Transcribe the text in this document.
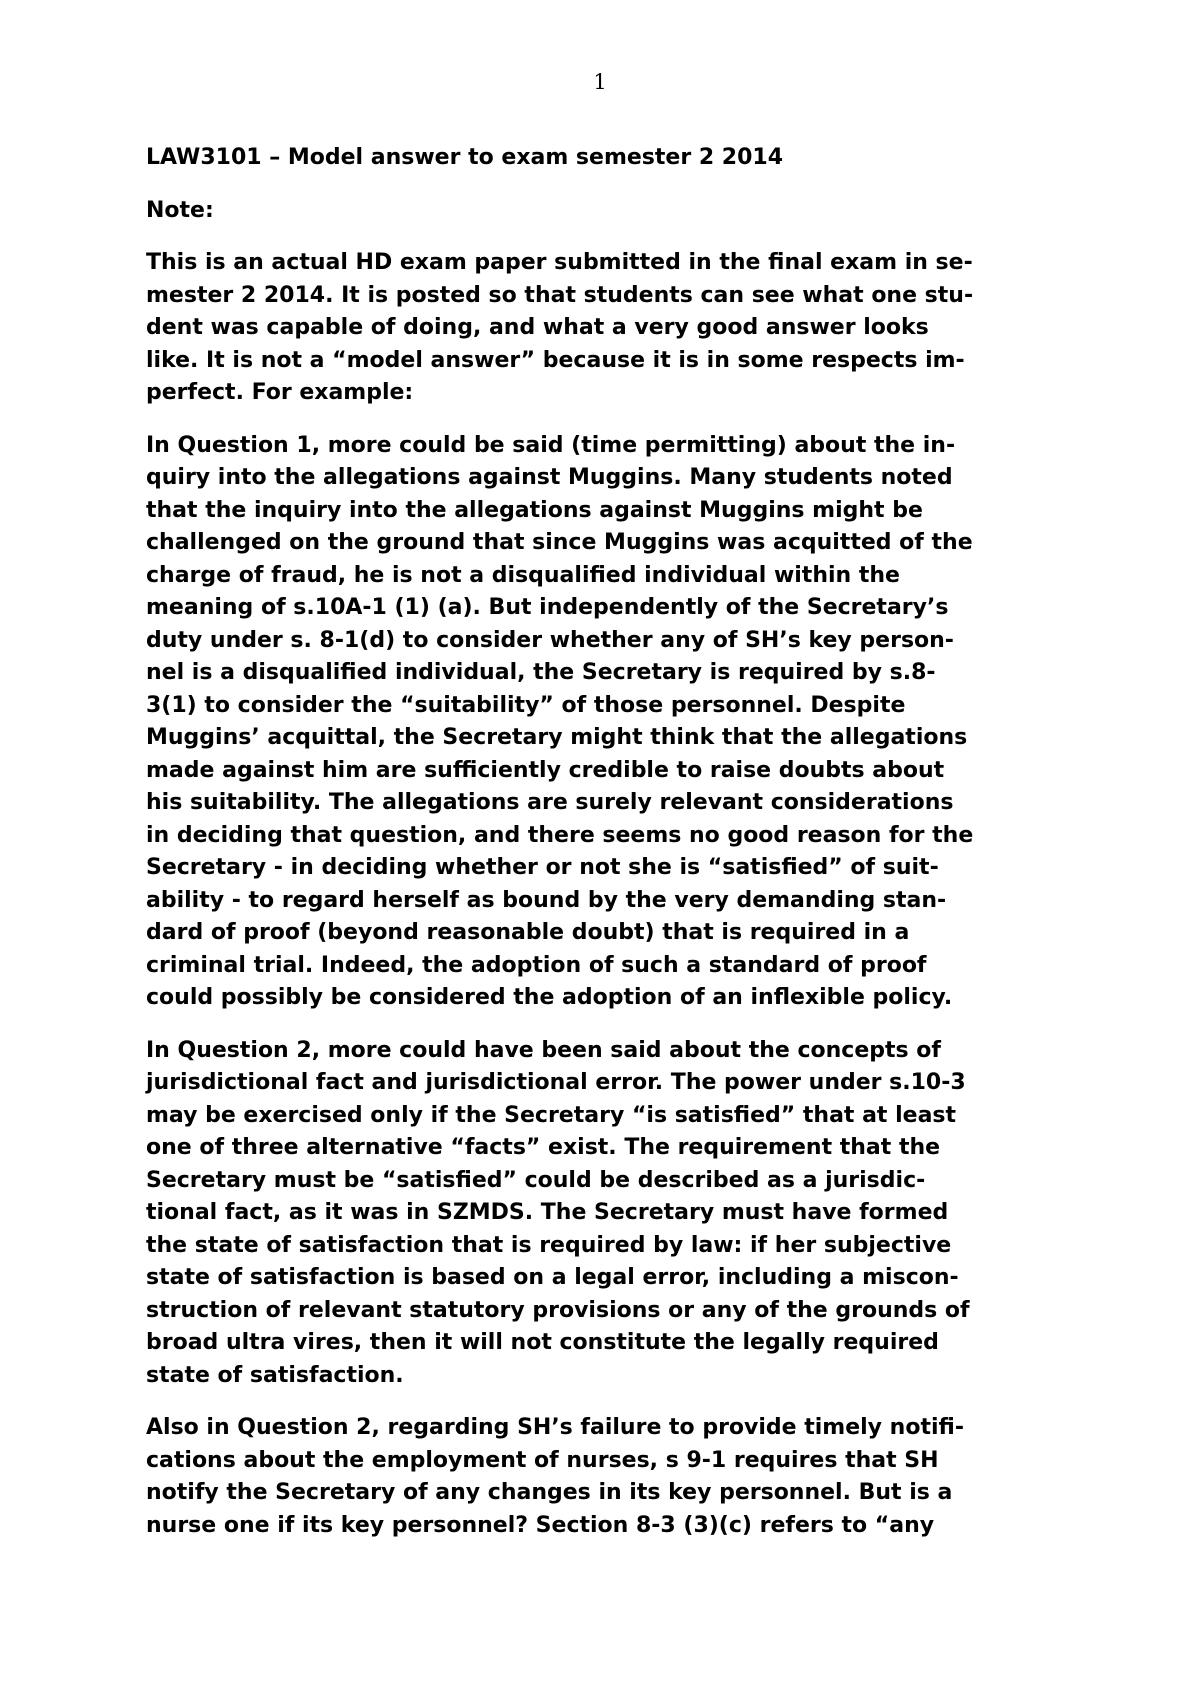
1

LAW3101 – Model answer to exam semester 2 2014

Note:

This is an actual HD exam paper submitted in the final exam in se-
mester 2 2014. It is posted so that students can see what one stu-
dent was capable of doing, and what a very good answer looks
like. It is not a “model answer” because it is in some respects im-
perfect. For example:

In Question 1, more could be said (time permitting) about the in-
quiry into the allegations against Muggins. Many students noted
that the inquiry into the allegations against Muggins might be
challenged on the ground that since Muggins was acquitted of the
charge of fraud, he is not a disqualified individual within the
meaning of s.10A-1 (1) (a). But independently of the Secretary’s
duty under s. 8-1(d) to consider whether any of SH’s key person-
nel is a disqualified individual, the Secretary is required by s.8-
3(1) to consider the “suitability” of those personnel. Despite
Muggins’ acquittal, the Secretary might think that the allegations
made against him are sufficiently credible to raise doubts about
his suitability. The allegations are surely relevant considerations
in deciding that question, and there seems no good reason for the
Secretary - in deciding whether or not she is “satisfied” of suit-
ability - to regard herself as bound by the very demanding stan-
dard of proof (beyond reasonable doubt) that is required in a
criminal trial. Indeed, the adoption of such a standard of proof
could possibly be considered the adoption of an inflexible policy.

In Question 2, more could have been said about the concepts of
jurisdictional fact and jurisdictional error. The power under s.10-3
may be exercised only if the Secretary “is satisfied” that at least
one of three alternative “facts” exist. The requirement that the
Secretary must be “satisfied” could be described as a jurisdic-
tional fact, as it was in SZMDS. The Secretary must have formed
the state of satisfaction that is required by law: if her subjective
state of satisfaction is based on a legal error, including a miscon-
struction of relevant statutory provisions or any of the grounds of
broad ultra vires, then it will not constitute the legally required
state of satisfaction.

Also in Question 2, regarding SH’s failure to provide timely notifi-
cations about the employment of nurses, s 9-1 requires that SH
notify the Secretary of any changes in its key personnel. But is a
nurse one if its key personnel? Section 8-3 (3)(c) refers to “any
